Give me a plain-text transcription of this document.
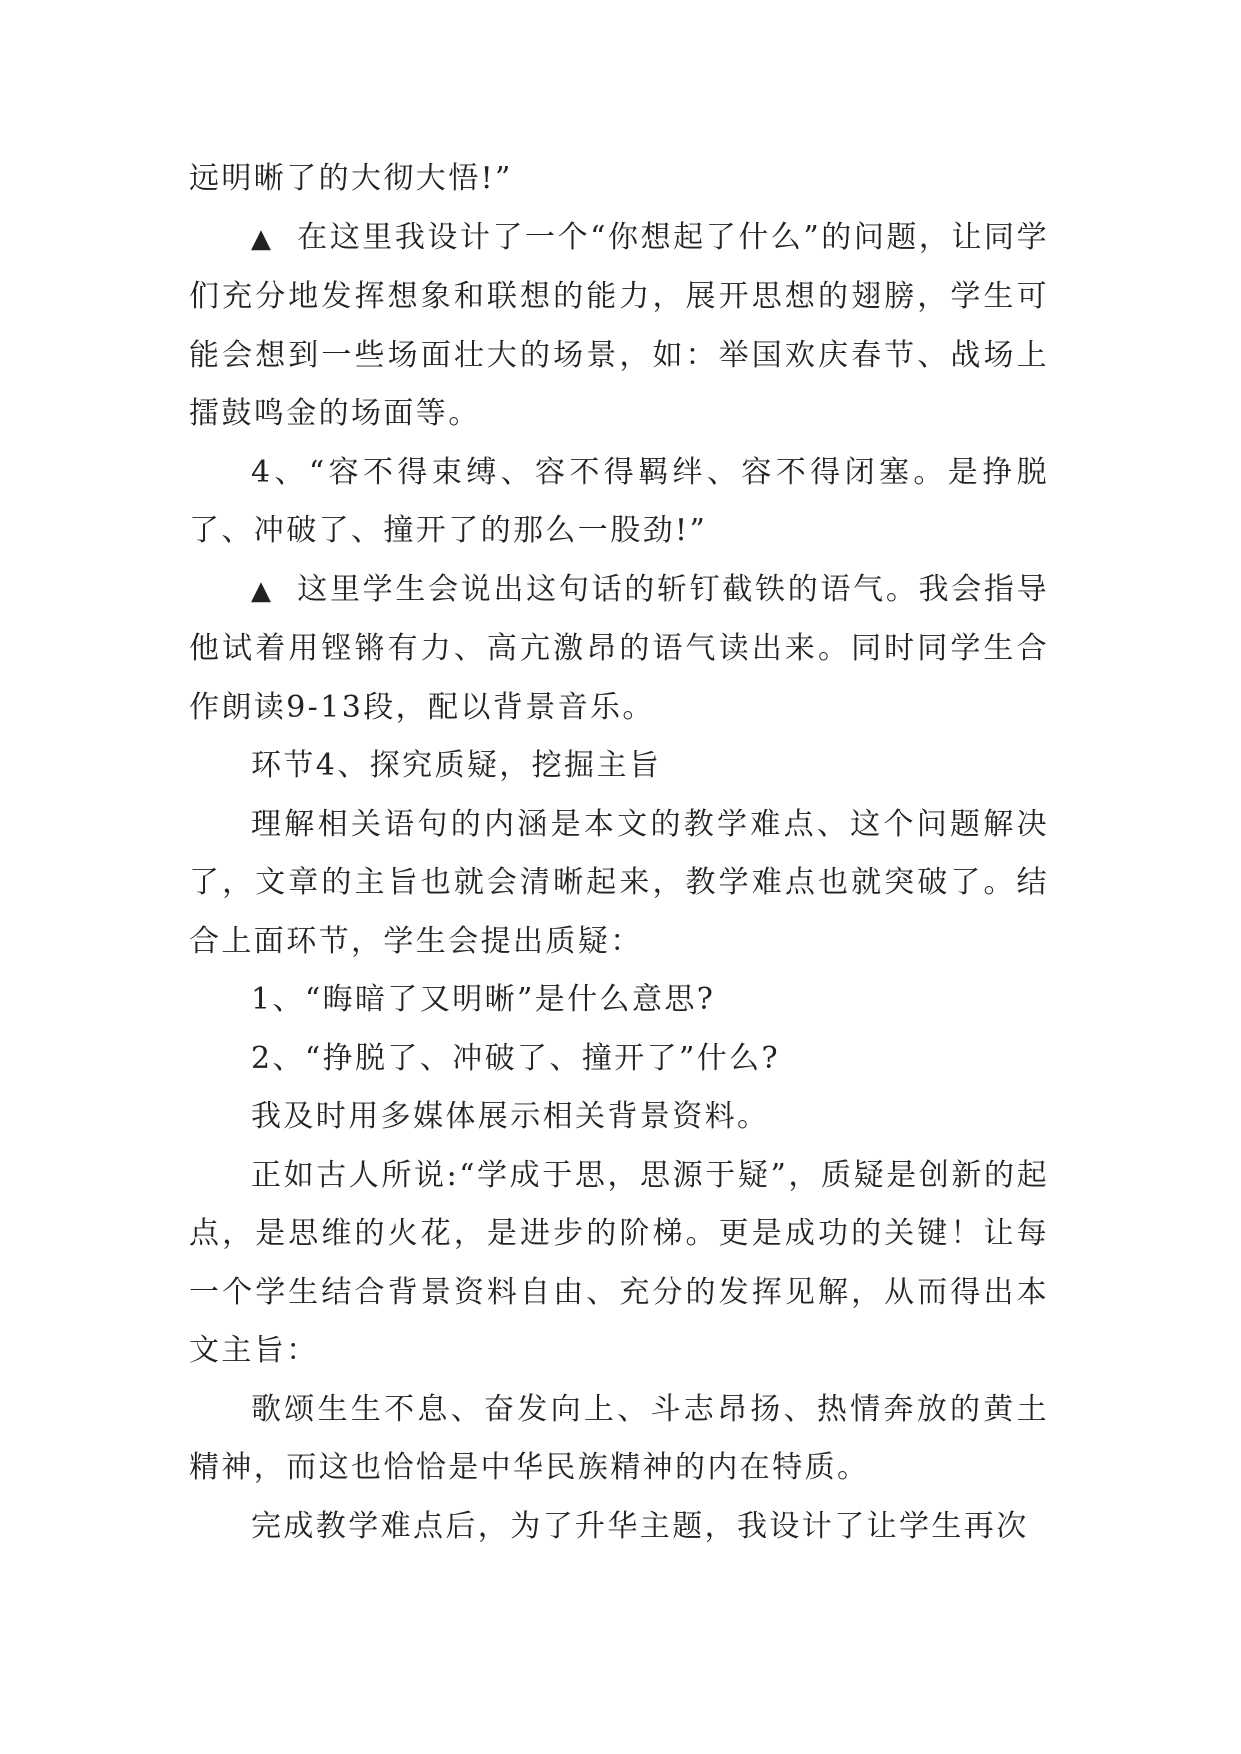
远明晰了的大彻大悟!”

▲ 在这里我设计了一个“你想起了什么”的问题，让同学们充分地发挥想象和联想的能力，展开思想的翅膀，学生可能会想到一些场面壮大的场景，如：举国欢庆春节、战场上擂鼓鸣金的场面等。

4、“容不得束缚、容不得羁绊、容不得闭塞。是挣脱了、冲破了、撞开了的那么一股劲!”

▲ 这里学生会说出这句话的斩钉截铁的语气。我会指导他试着用铿锵有力、高亢激昂的语气读出来。同时同学生合作朗读9-13段，配以背景音乐。

环节4、探究质疑，挖掘主旨

理解相关语句的内涵是本文的教学难点、这个问题解决了，文章的主旨也就会清晰起来，教学难点也就突破了。结合上面环节，学生会提出质疑：

1、“晦暗了又明晰”是什么意思?

2、“挣脱了、冲破了、撞开了”什么?

我及时用多媒体展示相关背景资料。

正如古人所说:“学成于思，思源于疑”，质疑是创新的起点，是思维的火花，是进步的阶梯。更是成功的关键！让每一个学生结合背景资料自由、充分的发挥见解，从而得出本文主旨：

歌颂生生不息、奋发向上、斗志昂扬、热情奔放的黄土精神，而这也恰恰是中华民族精神的内在特质。

完成教学难点后，为了升华主题，我设计了让学生再次
